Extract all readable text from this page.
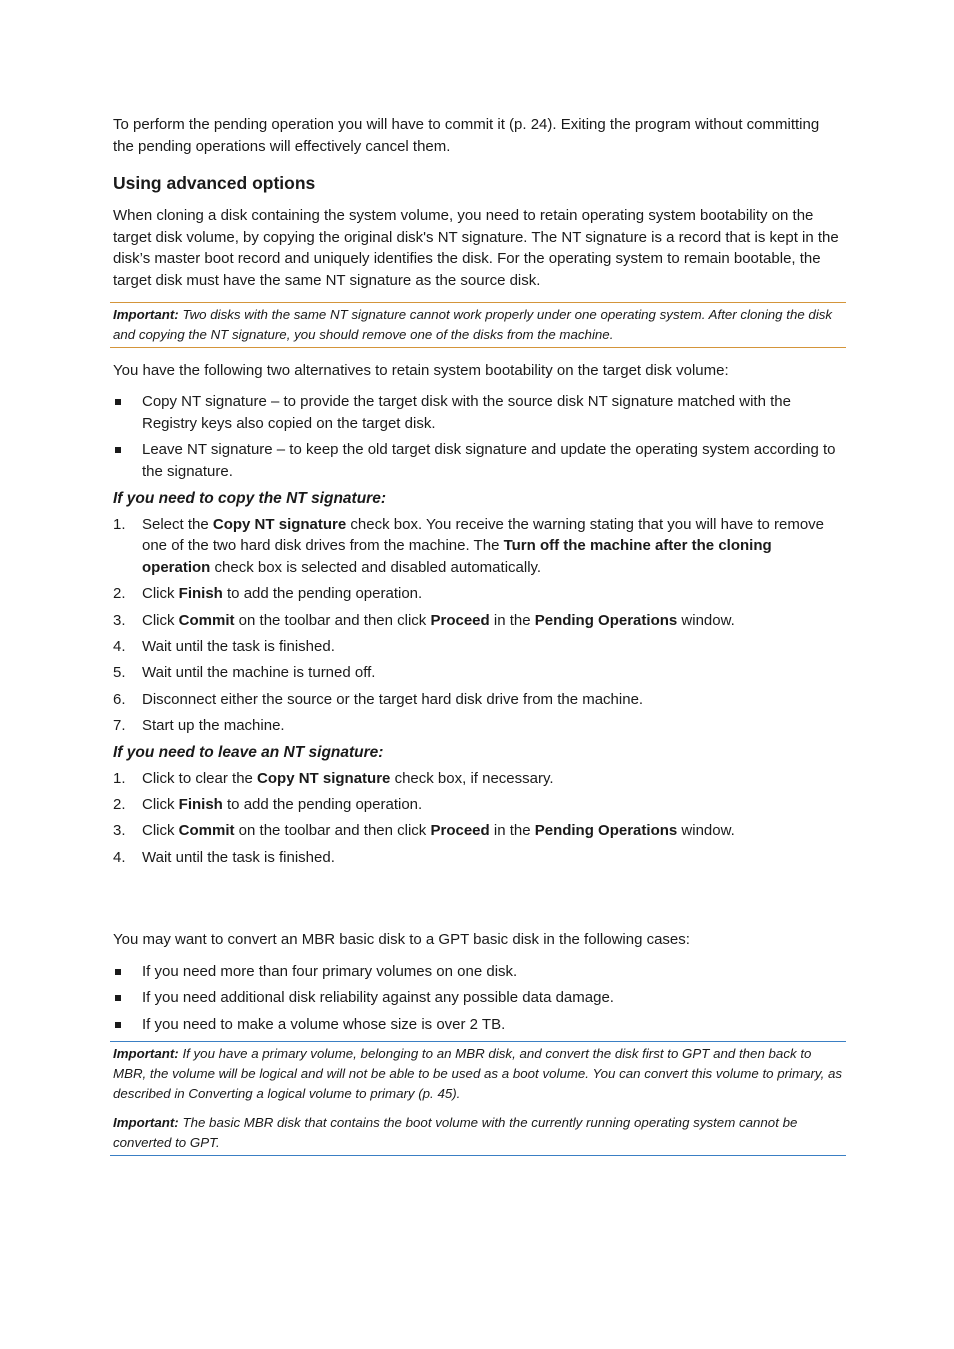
To perform the pending operation you will have to commit it (p. 24). Exiting the program without committing the pending operations will effectively cancel them.

Using advanced options

When cloning a disk containing the system volume, you need to retain operating system bootability on the target disk volume, by copying the original disk's NT signature. The NT signature is a record that is kept in the disk’s master boot record and uniquely identifies the disk. For the operating system to remain bootable, the target disk must have the same NT signature as the source disk.

Important: Two disks with the same NT signature cannot work properly under one operating system. After cloning the disk and copying the NT signature, you should remove one of the disks from the machine.

You have the following two alternatives to retain system bootability on the target disk volume:

Copy NT signature – to provide the target disk with the source disk NT signature matched with the Registry keys also copied on the target disk.
Leave NT signature – to keep the old target disk signature and update the operating system according to the signature.
If you need to copy the NT signature:
1. Select the Copy NT signature check box. You receive the warning stating that you will have to remove one of the two hard disk drives from the machine. The Turn off the machine after the cloning operation check box is selected and disabled automatically.
2. Click Finish to add the pending operation.
3. Click Commit on the toolbar and then click Proceed in the Pending Operations window.
4. Wait until the task is finished.
5. Wait until the machine is turned off.
6. Disconnect either the source or the target hard disk drive from the machine.
7. Start up the machine.
If you need to leave an NT signature:
1. Click to clear the Copy NT signature check box, if necessary.
2. Click Finish to add the pending operation.
3. Click Commit on the toolbar and then click Proceed in the Pending Operations window.
4. Wait until the task is finished.

You may want to convert an MBR basic disk to a GPT basic disk in the following cases:

If you need more than four primary volumes on one disk.
If you need additional disk reliability against any possible data damage.
If you need to make a volume whose size is over 2 TB.

Important: If you have a primary volume, belonging to an MBR disk, and convert the disk first to GPT and then back to MBR, the volume will be logical and will not be able to be used as a boot volume. You can convert this volume to primary, as described in Converting a logical volume to primary (p. 45).

Important: The basic MBR disk that contains the boot volume with the currently running operating system cannot be converted to GPT.
